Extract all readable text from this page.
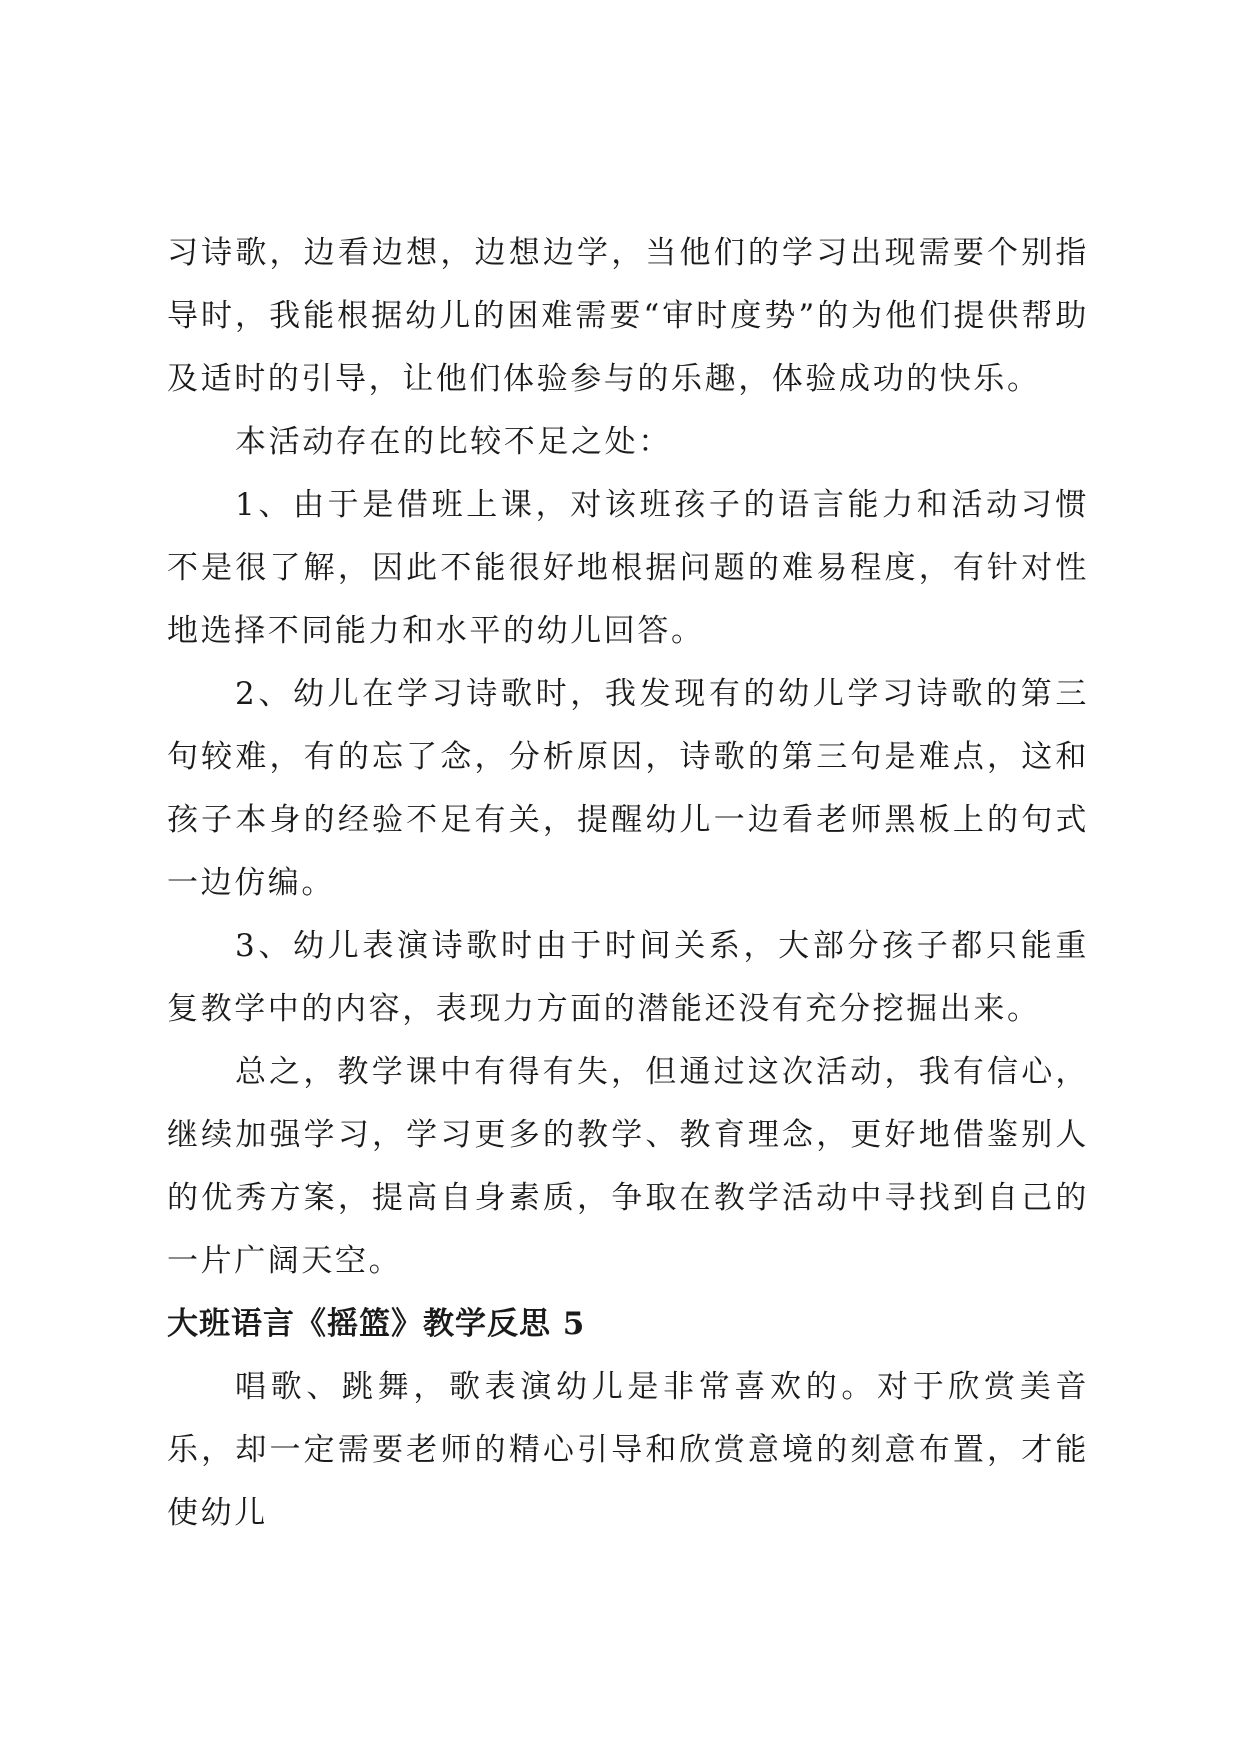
习诗歌，边看边想，边想边学，当他们的学习出现需要个别指导时，我能根据幼儿的困难需要“审时度势”的为他们提供帮助及适时的引导，让他们体验参与的乐趣，体验成功的快乐。

本活动存在的比较不足之处：

1、由于是借班上课，对该班孩子的语言能力和活动习惯不是很了解，因此不能很好地根据问题的难易程度，有针对性地选择不同能力和水平的幼儿回答。

2、幼儿在学习诗歌时，我发现有的幼儿学习诗歌的第三句较难，有的忘了念，分析原因，诗歌的第三句是难点，这和孩子本身的经验不足有关，提醒幼儿一边看老师黑板上的句式一边仿编。

3、幼儿表演诗歌时由于时间关系，大部分孩子都只能重复教学中的内容，表现力方面的潜能还没有充分挖掘出来。

总之，教学课中有得有失，但通过这次活动，我有信心，继续加强学习，学习更多的教学、教育理念，更好地借鉴别人的优秀方案，提高自身素质，争取在教学活动中寻找到自己的一片广阔天空。

大班语言《摇篮》教学反思 5

唱歌、跳舞，歌表演幼儿是非常喜欢的。对于欣赏美音乐，却一定需要老师的精心引导和欣赏意境的刻意布置，才能使幼儿
